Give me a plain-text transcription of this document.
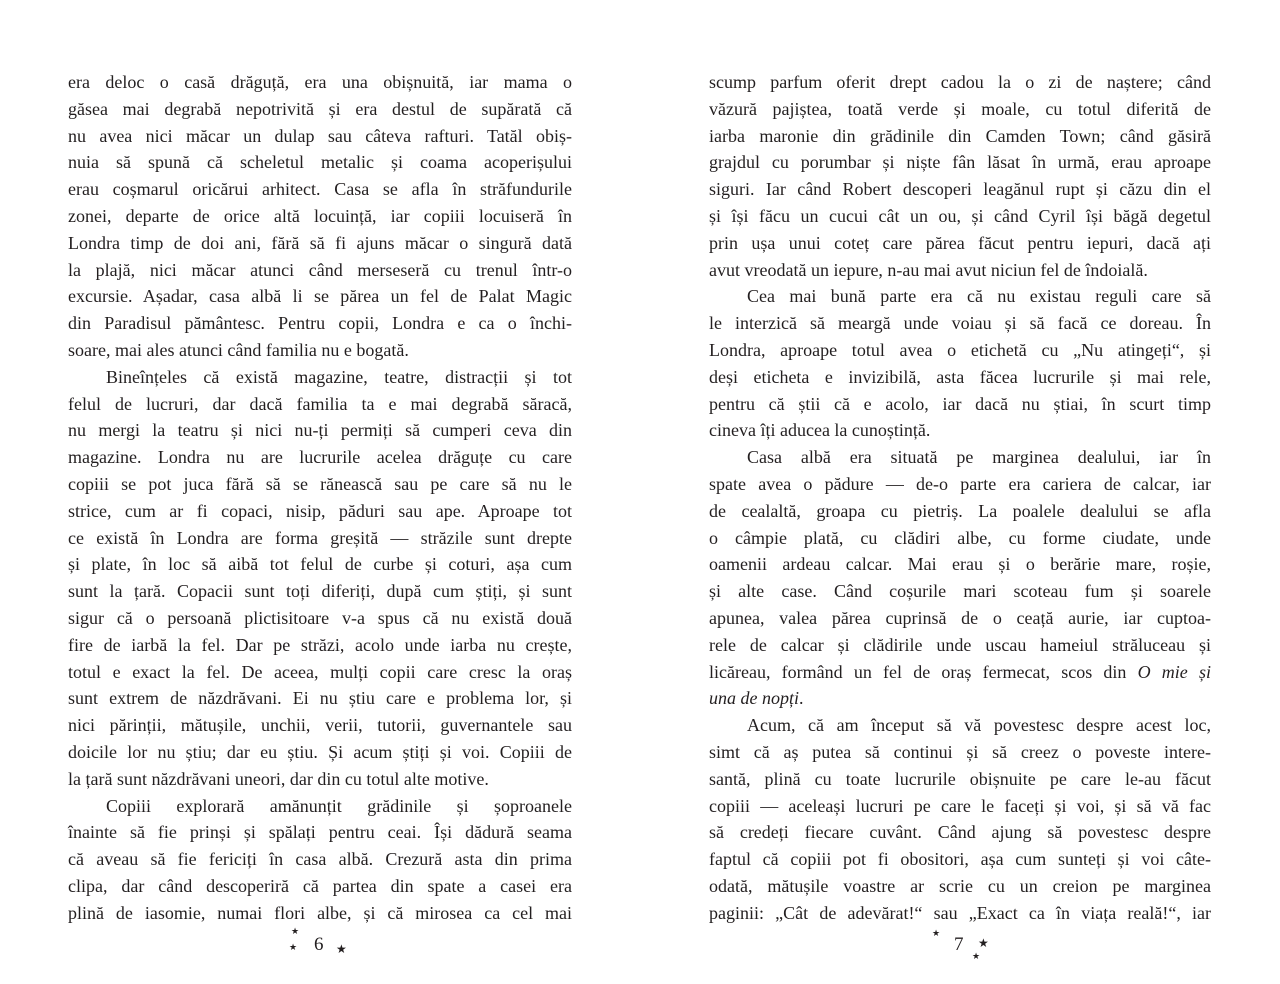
era deloc o casă drăguță, era una obișnuită, iar mama o
găsea mai degrabă nepotrivită și era destul de supărată că
nu avea nici măcar un dulap sau câteva rafturi. Tatăl obiș-
nuia să spună că scheletul metalic și coama acoperișului
erau coșmarul oricărui arhitect. Casa se afla în străfundurile
zonei, departe de orice altă locuință, iar copiii locuiseră în
Londra timp de doi ani, fără să fi ajuns măcar o singură dată
la plajă, nici măcar atunci când merseseră cu trenul într-o
excursie. Așadar, casa albă li se părea un fel de Palat Magic
din Paradisul pământesc. Pentru copii, Londra e ca o închi-
soare, mai ales atunci când familia nu e bogată.
Bineînțeles că există magazine, teatre, distracții și tot
felul de lucruri, dar dacă familia ta e mai degrabă săracă,
nu mergi la teatru și nici nu-ți permiți să cumperi ceva din
magazine. Londra nu are lucrurile acelea drăguțe cu care
copiii se pot juca fără să se rănească sau pe care să nu le
strice, cum ar fi copaci, nisip, păduri sau ape. Aproape tot
ce există în Londra are forma greșită — străzile sunt drepte
și plate, în loc să aibă tot felul de curbe și coturi, așa cum
sunt la țară. Copacii sunt toți diferiți, după cum știți, și sunt
sigur că o persoană plictisitoare v-a spus că nu există două
fire de iarbă la fel. Dar pe străzi, acolo unde iarba nu crește,
totul e exact la fel. De aceea, mulți copii care cresc la oraș
sunt extrem de năzdrăvani. Ei nu știu care e problema lor, și
nici părinții, mătușile, unchii, verii, tutorii, guvernantele sau
doicile lor nu știu; dar eu știu. Și acum știți și voi. Copiii de
la țară sunt năzdrăvani uneori, dar din cu totul alte motive.
Copiii explorară amănunțit grădinile și șoproanele
înainte să fie prinși și spălați pentru ceai. Își dădură seama
că aveau să fie fericiți în casa albă. Crezură asta din prima
clipa, dar când descoperiră că partea din spate a casei era
plină de iasomie, numai flori albe, și că mirosea ca cel mai
scump parfum oferit drept cadou la o zi de naștere; când
văzură pajiștea, toată verde și moale, cu totul diferită de
iarba maronie din grădinile din Camden Town; când găsiră
grajdul cu porumbar și niște fân lăsat în urmă, erau aproape
siguri. Iar când Robert descoperi leagănul rupt și căzu din el
și își făcu un cucui cât un ou, și când Cyril își băgă degetul
prin ușa unui coteț care părea făcut pentru iepuri, dacă ați
avut vreodată un iepure, n-au mai avut niciun fel de îndoială.
Cea mai bună parte era că nu existau reguli care să
le interzică să meargă unde voiau și să facă ce doreau. În
Londra, aproape totul avea o etichetă cu „Nu atingeți“, și
deși eticheta e invizibilă, asta făcea lucrurile și mai rele,
pentru că știi că e acolo, iar dacă nu știai, în scurt timp
cineva îți aducea la cunoștință.
Casa albă era situată pe marginea dealului, iar în
spate avea o pădure — de-o parte era cariera de calcar, iar
de cealaltă, groapa cu pietriș. La poalele dealului se afla
o câmpie plată, cu clădiri albe, cu forme ciudate, unde
oamenii ardeau calcar. Mai erau și o berărie mare, roșie,
și alte case. Când coșurile mari scoteau fum și soarele
apunea, valea părea cuprinsă de o ceață aurie, iar cuptoa-
rele de calcar și clădirile unde uscau hameiul străluceau și
licăreau, formând un fel de oraș fermecat, scos din O mie și
una de nopți.
Acum, că am început să vă povestesc despre acest loc,
simt că aș putea să continui și să creez o poveste intere-
santă, plină cu toate lucrurile obișnuite pe care le-au făcut
copiii — aceleași lucruri pe care le faceți și voi, și să vă fac
să credeți fiecare cuvânt. Când ajung să povestesc despre
faptul că copiii pot fi obositori, așa cum sunteți și voi câte-
odată, mătușile voastre ar scrie cu un creion pe marginea
paginii: „Cât de adevărat!“ sau „Exact ca în viața reală!“, iar
★
★ 6 ★
★ 7 ★
★
